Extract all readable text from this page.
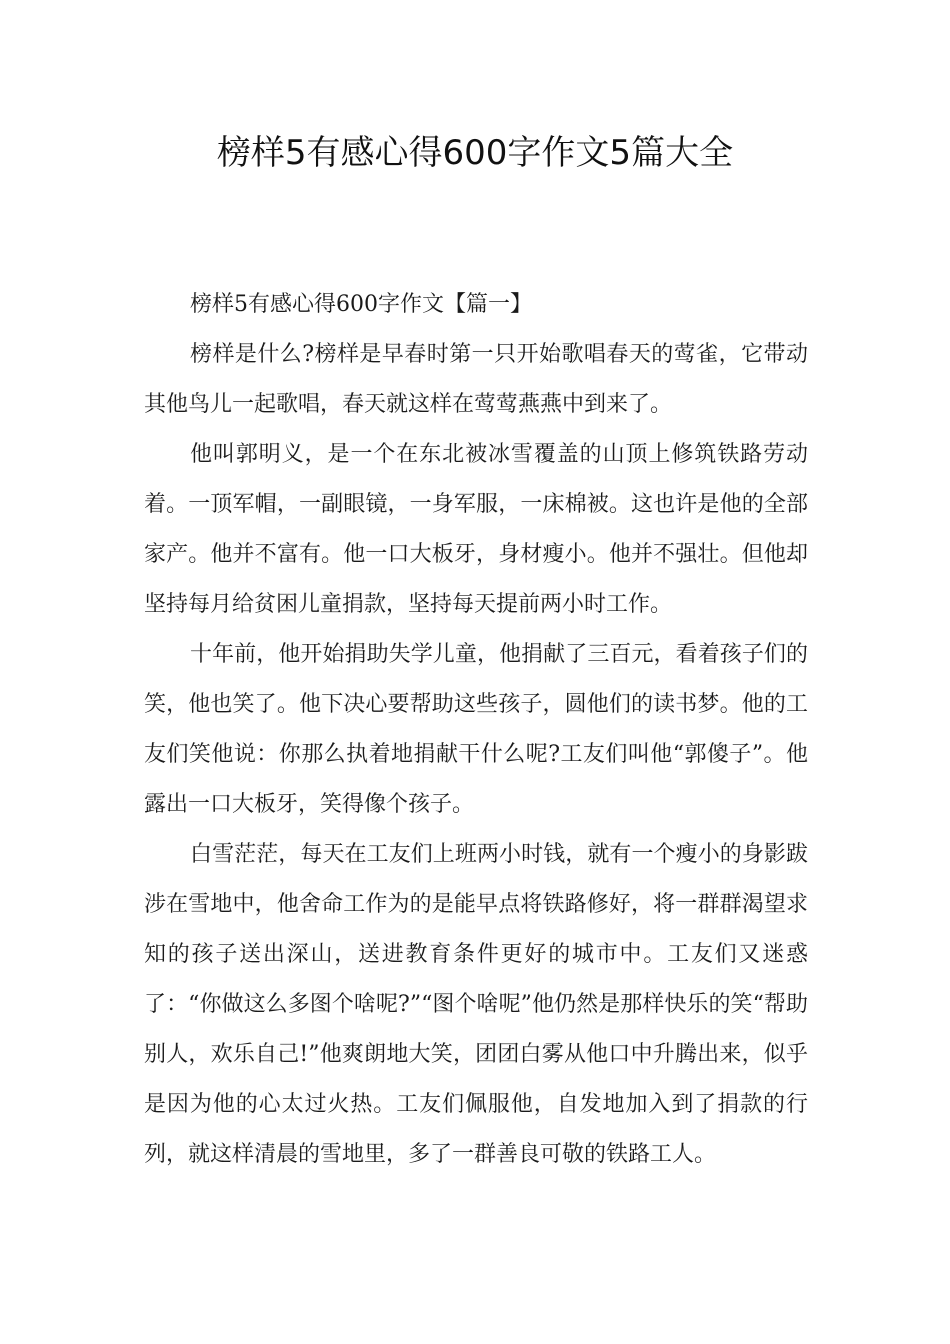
榜样5有感心得600字作文5篇大全

榜样5有感心得600字作文【篇一】

榜样是什么?榜样是早春时第一只开始歌唱春天的莺雀，它带动其他鸟儿一起歌唱，春天就这样在莺莺燕燕中到来了。

他叫郭明义，是一个在东北被冰雪覆盖的山顶上修筑铁路劳动着。一顶军帽，一副眼镜，一身军服，一床棉被。这也许是他的全部家产。他并不富有。他一口大板牙，身材瘦小。他并不强壮。但他却坚持每月给贫困儿童捐款，坚持每天提前两小时工作。

十年前，他开始捐助失学儿童，他捐献了三百元，看着孩子们的笑，他也笑了。他下决心要帮助这些孩子，圆他们的读书梦。他的工友们笑他说：你那么执着地捐献干什么呢?工友们叫他“郭傻子”。他露出一口大板牙，笑得像个孩子。

白雪茫茫，每天在工友们上班两小时钱，就有一个瘦小的身影跋涉在雪地中，他舍命工作为的是能早点将铁路修好，将一群群渴望求知的孩子送出深山，送进教育条件更好的城市中。工友们又迷惑了：“你做这么多图个啥呢?”“图个啥呢”他仍然是那样快乐的笑“帮助别人，欢乐自己!”他爽朗地大笑，团团白雾从他口中升腾出来，似乎是因为他的心太过火热。工友们佩服他，自发地加入到了捐款的行列，就这样清晨的雪地里，多了一群善良可敬的铁路工人。
